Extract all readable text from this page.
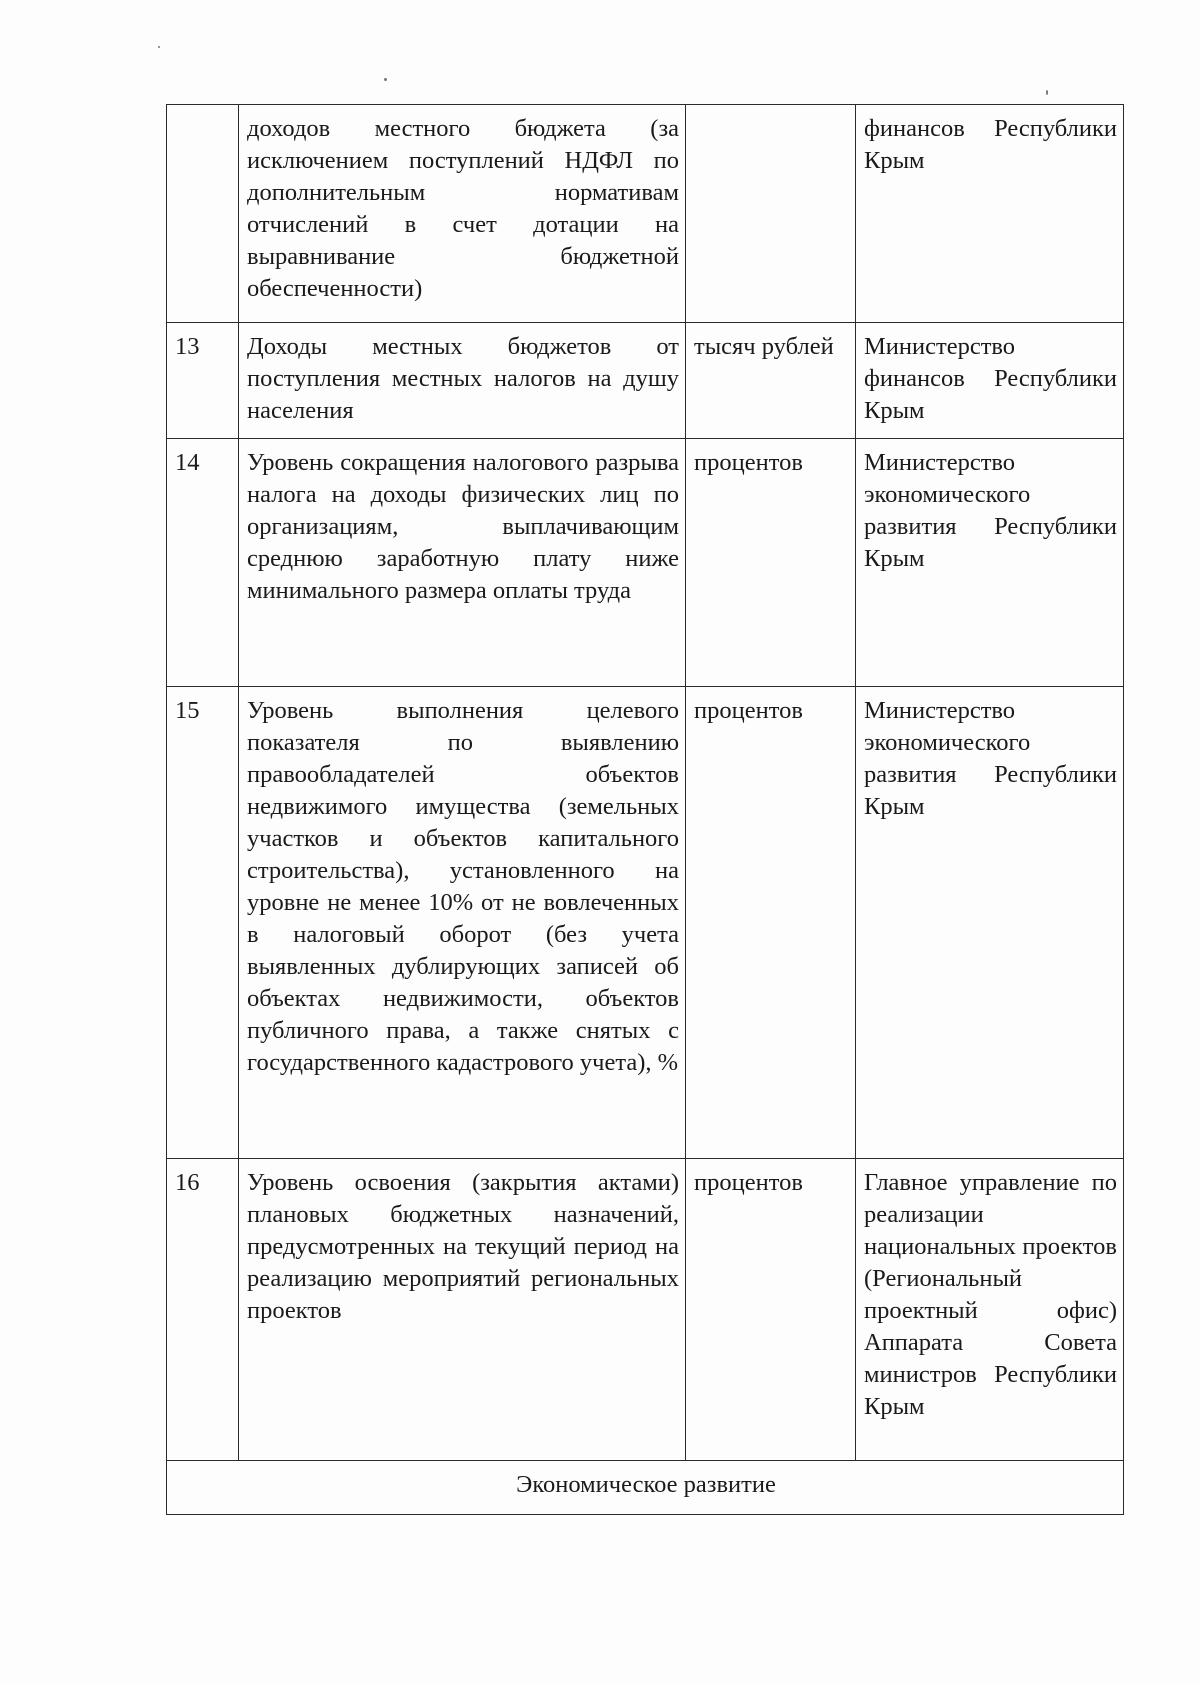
	доходов местного бюджета (за исключением поступлений НДФЛ по дополнительным нормативам отчислений в счет дотации на выравнивание бюджетной обеспеченности)		финансов Республики Крым
13	Доходы местных бюджетов от поступления местных налогов на душу населения	тысяч рублей	Министерство финансов Республики Крым
14	Уровень сокращения налогового разрыва налога на доходы физических лиц по организациям, выплачивающим среднюю заработную плату ниже минимального размера оплаты труда	процентов	Министерство экономического развития Республики Крым
15	Уровень выполнения целевого показателя по выявлению правообладателей объектов недвижимого имущества (земельных участков и объектов капитального строительства), установленного на уровне не менее 10% от не вовлеченных в налоговый оборот (без учета выявленных дублирующих записей об объектах недвижимости, объектов публичного права, а также снятых с государственного кадастрового учета), %	процентов	Министерство экономического развития Республики Крым
16	Уровень освоения (закрытия актами) плановых бюджетных назначений, предусмотренных на текущий период на реализацию мероприятий региональных проектов	процентов	Главное управление по реализации национальных проектов (Региональный проектный офис) Аппарата Совета министров Республики Крым
Экономическое развитие			
